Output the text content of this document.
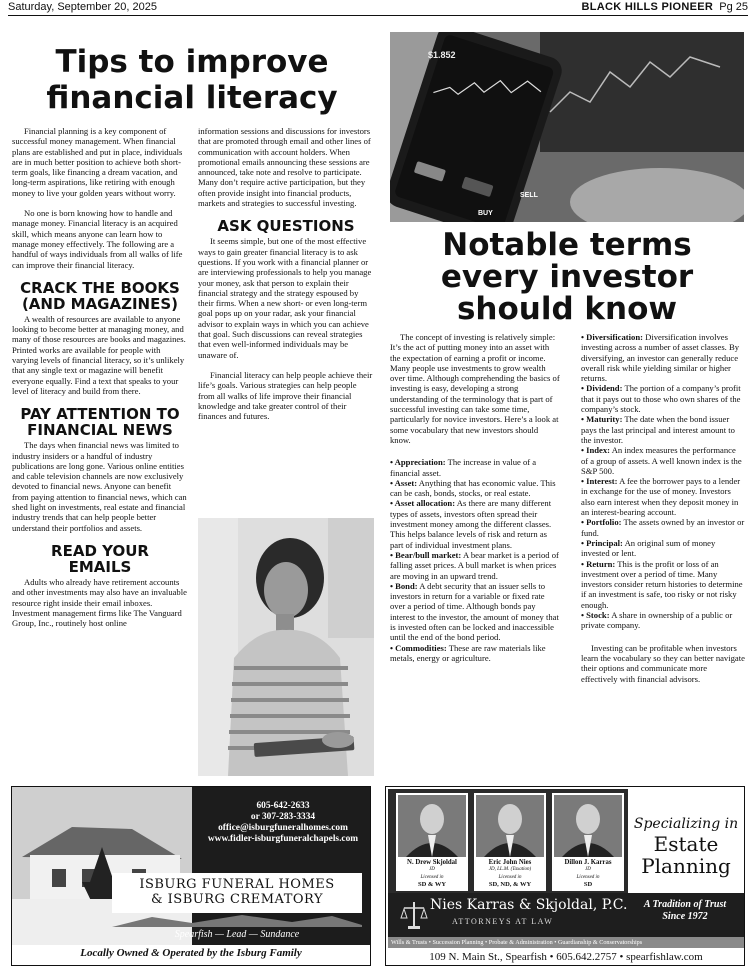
Saturday, September 20, 2025	BLACK HILLS PIONEER Pg 25
Tips to improve
financial literacy

Financial planning is a key component of successful money management. When financial plans are established and put in place, individuals are in much better position to achieve both short-term goals, like financing a dream vacation, and long-term aspirations, like retiring with enough money to live your golden years without worry.

No one is born knowing how to handle and manage money. Financial literacy is an acquired skill, which means anyone can learn how to manage money effectively. The following are a handful of ways individuals from all walks of life can improve their financial literacy.

CRACK THE BOOKS (AND MAGAZINES)

A wealth of resources are available to anyone looking to become better at managing money, and many of those resources are books and magazines. Printed works are available for people with varying levels of financial literacy, so it’s unlikely that any single text or magazine will benefit everyone equally. Find a text that speaks to your level of literacy and build from there.

PAY ATTENTION TO FINANCIAL NEWS

The days when financial news was limited to industry insiders or a handful of industry publications are long gone. Various online entities and cable television channels are now exclusively devoted to financial news. Anyone can benefit from paying attention to financial news, which can shed light on investments, real estate and financial industry trends that can help people better understand their portfolios and assets.

READ YOUR EMAILS

Adults who already have retirement accounts and other investments may also have an invaluable resource right inside their email inboxes. Investment management firms like The Vanguard Group, Inc., routinely host online

information sessions and discussions for investors that are promoted through email and other lines of communication with account holders. When promotional emails announcing these sessions are announced, take note and resolve to participate. Many don’t require active participation, but they often provide insight into financial products, markets and strategies to successful investing.

ASK QUESTIONS

It seems simple, but one of the most effective ways to gain greater financial literacy is to ask questions. If you work with a financial planner or are interviewing professionals to help you manage your money, ask that person to explain their financial strategy and the strategy espoused by their firms. When a new short- or even long-term goal pops up on your radar, ask your financial advisor to explain ways in which you can achieve that goal. Such discussions can reveal strategies that even well-informed individuals may be unaware of.

Financial literacy can help people achieve their life’s goals. Various strategies can help people from all walks of life improve their financial knowledge and take greater control of their finances and futures.

$1.852
BUY
SELL
Notable terms
every investor
should know

The concept of investing is relatively simple: It’s the act of putting money into an asset with the expectation of earning a profit or income. Many people use investments to grow wealth over time. Although comprehending the basics of investing is easy, developing a strong understanding of the terminology that is part of successful investing can take some time, particularly for novice investors. Here’s a look at some vocabulary that new investors should know.

• Appreciation: The increase in value of a financial asset.

• Asset: Anything that has economic value. This can be cash, bonds, stocks, or real estate.

• Asset allocation: As there are many different types of assets, investors often spread their investment money among the different classes. This helps balance levels of risk and return as part of individual investment plans.

• Bear/bull market: A bear market is a period of falling asset prices. A bull market is when prices are moving in an upward trend.

• Bond: A debt security that an issuer sells to investors in return for a variable or fixed rate over a period of time. Although bonds pay interest to the investor, the amount of money that is invested often can be locked and inaccessible until the end of the bond period.

• Commodities: These are raw materials like metals, energy or agriculture.

• Diversification: Diversification involves investing across a number of asset classes. By diversifying, an investor can generally reduce overall risk while yielding similar or higher returns.

• Dividend: The portion of a company’s profit that it pays out to those who own shares of the company’s stock.

• Maturity: The date when the bond issuer pays the last principal and interest amount to the investor.

• Index: An index measures the performance of a group of assets. A well known index is the S&P 500.

• Interest: A fee the borrower pays to a lender in exchange for the use of money. Investors also earn interest when they deposit money in an interest-bearing account.

• Portfolio: The assets owned by an investor or fund.

• Principal: An original sum of money invested or lent.

• Return: This is the profit or loss of an investment over a period of time. Many investors consider return histories to determine if an investment is safe, too risky or not risky enough.

• Stock: A share in ownership of a public or private company.

Investing can be profitable when investors learn the vocabulary so they can better navigate their options and communicate more effectively with financial advisors.

605-642-2633
or 307-283-3334
office@isburgfuneralhomes.com
www.fidler-isburgfuneralchapels.com
ISBURG FUNERAL HOMES
& ISBURG CREMATORY
Spearfish — Lead — Sundance
Locally Owned & Operated by the Isburg Family
N. Drew Skjoldal
JD
Licensed in
SD & WY
Eric John Nies
JD, LL.M. (Taxation)
Licensed in
SD, ND, & WY
Dillon J. Karras
JD
Licensed in
SD
Specializing in
Estate
Planning
Nies Karras & Skjoldal, P.C.
ATTORNEYS AT LAW
A Tradition of Trust
Since 1972
Wills & Trusts • Succession Planning • Probate & Administration • Guardianship & Conservatorships
109 N. Main St., Spearfish • 605.642.2757 • spearfishlaw.com
